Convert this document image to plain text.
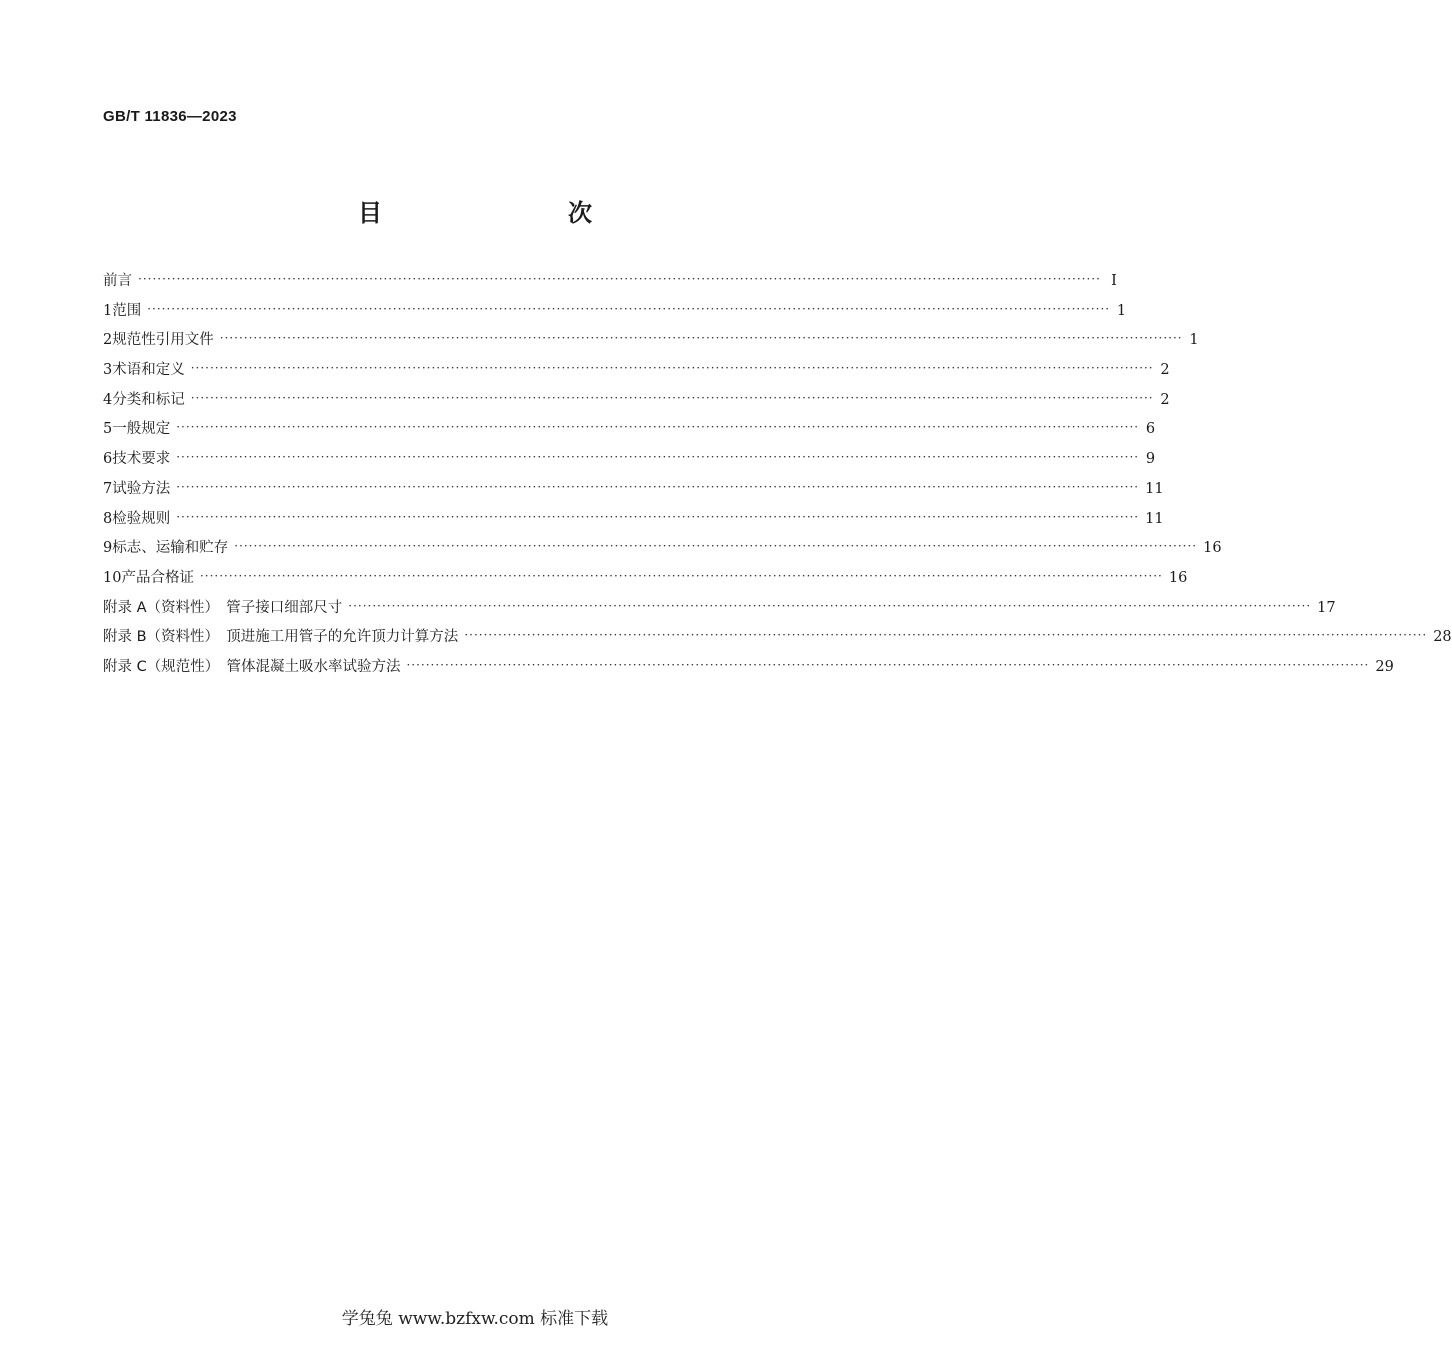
GB/T 11836—2023
目　　次
前言 ········································································································································································································ Ⅰ
1 范围 ········································································································································································································ 1
2 规范性引用文件 ········································································································································································································ 1
3 术语和定义 ········································································································································································································ 2
4 分类和标记 ········································································································································································································ 2
5 一般规定 ········································································································································································································ 6
6 技术要求 ········································································································································································································ 9
7 试验方法 ········································································································································································································ 11
8 检验规则 ········································································································································································································ 11
9 标志、运输和贮存 ········································································································································································································ 16
10 产品合格证 ········································································································································································································ 16
附录 A（资料性）　管子接口细部尺寸 ········································································································································································································ 17
附录 B（资料性）　顶进施工用管子的允许顶力计算方法 ········································································································································································································ 28
附录 C（规范性）　管体混凝土吸水率试验方法 ········································································································································································································ 29
学兔兔 www.bzfxw.com 标准下载
